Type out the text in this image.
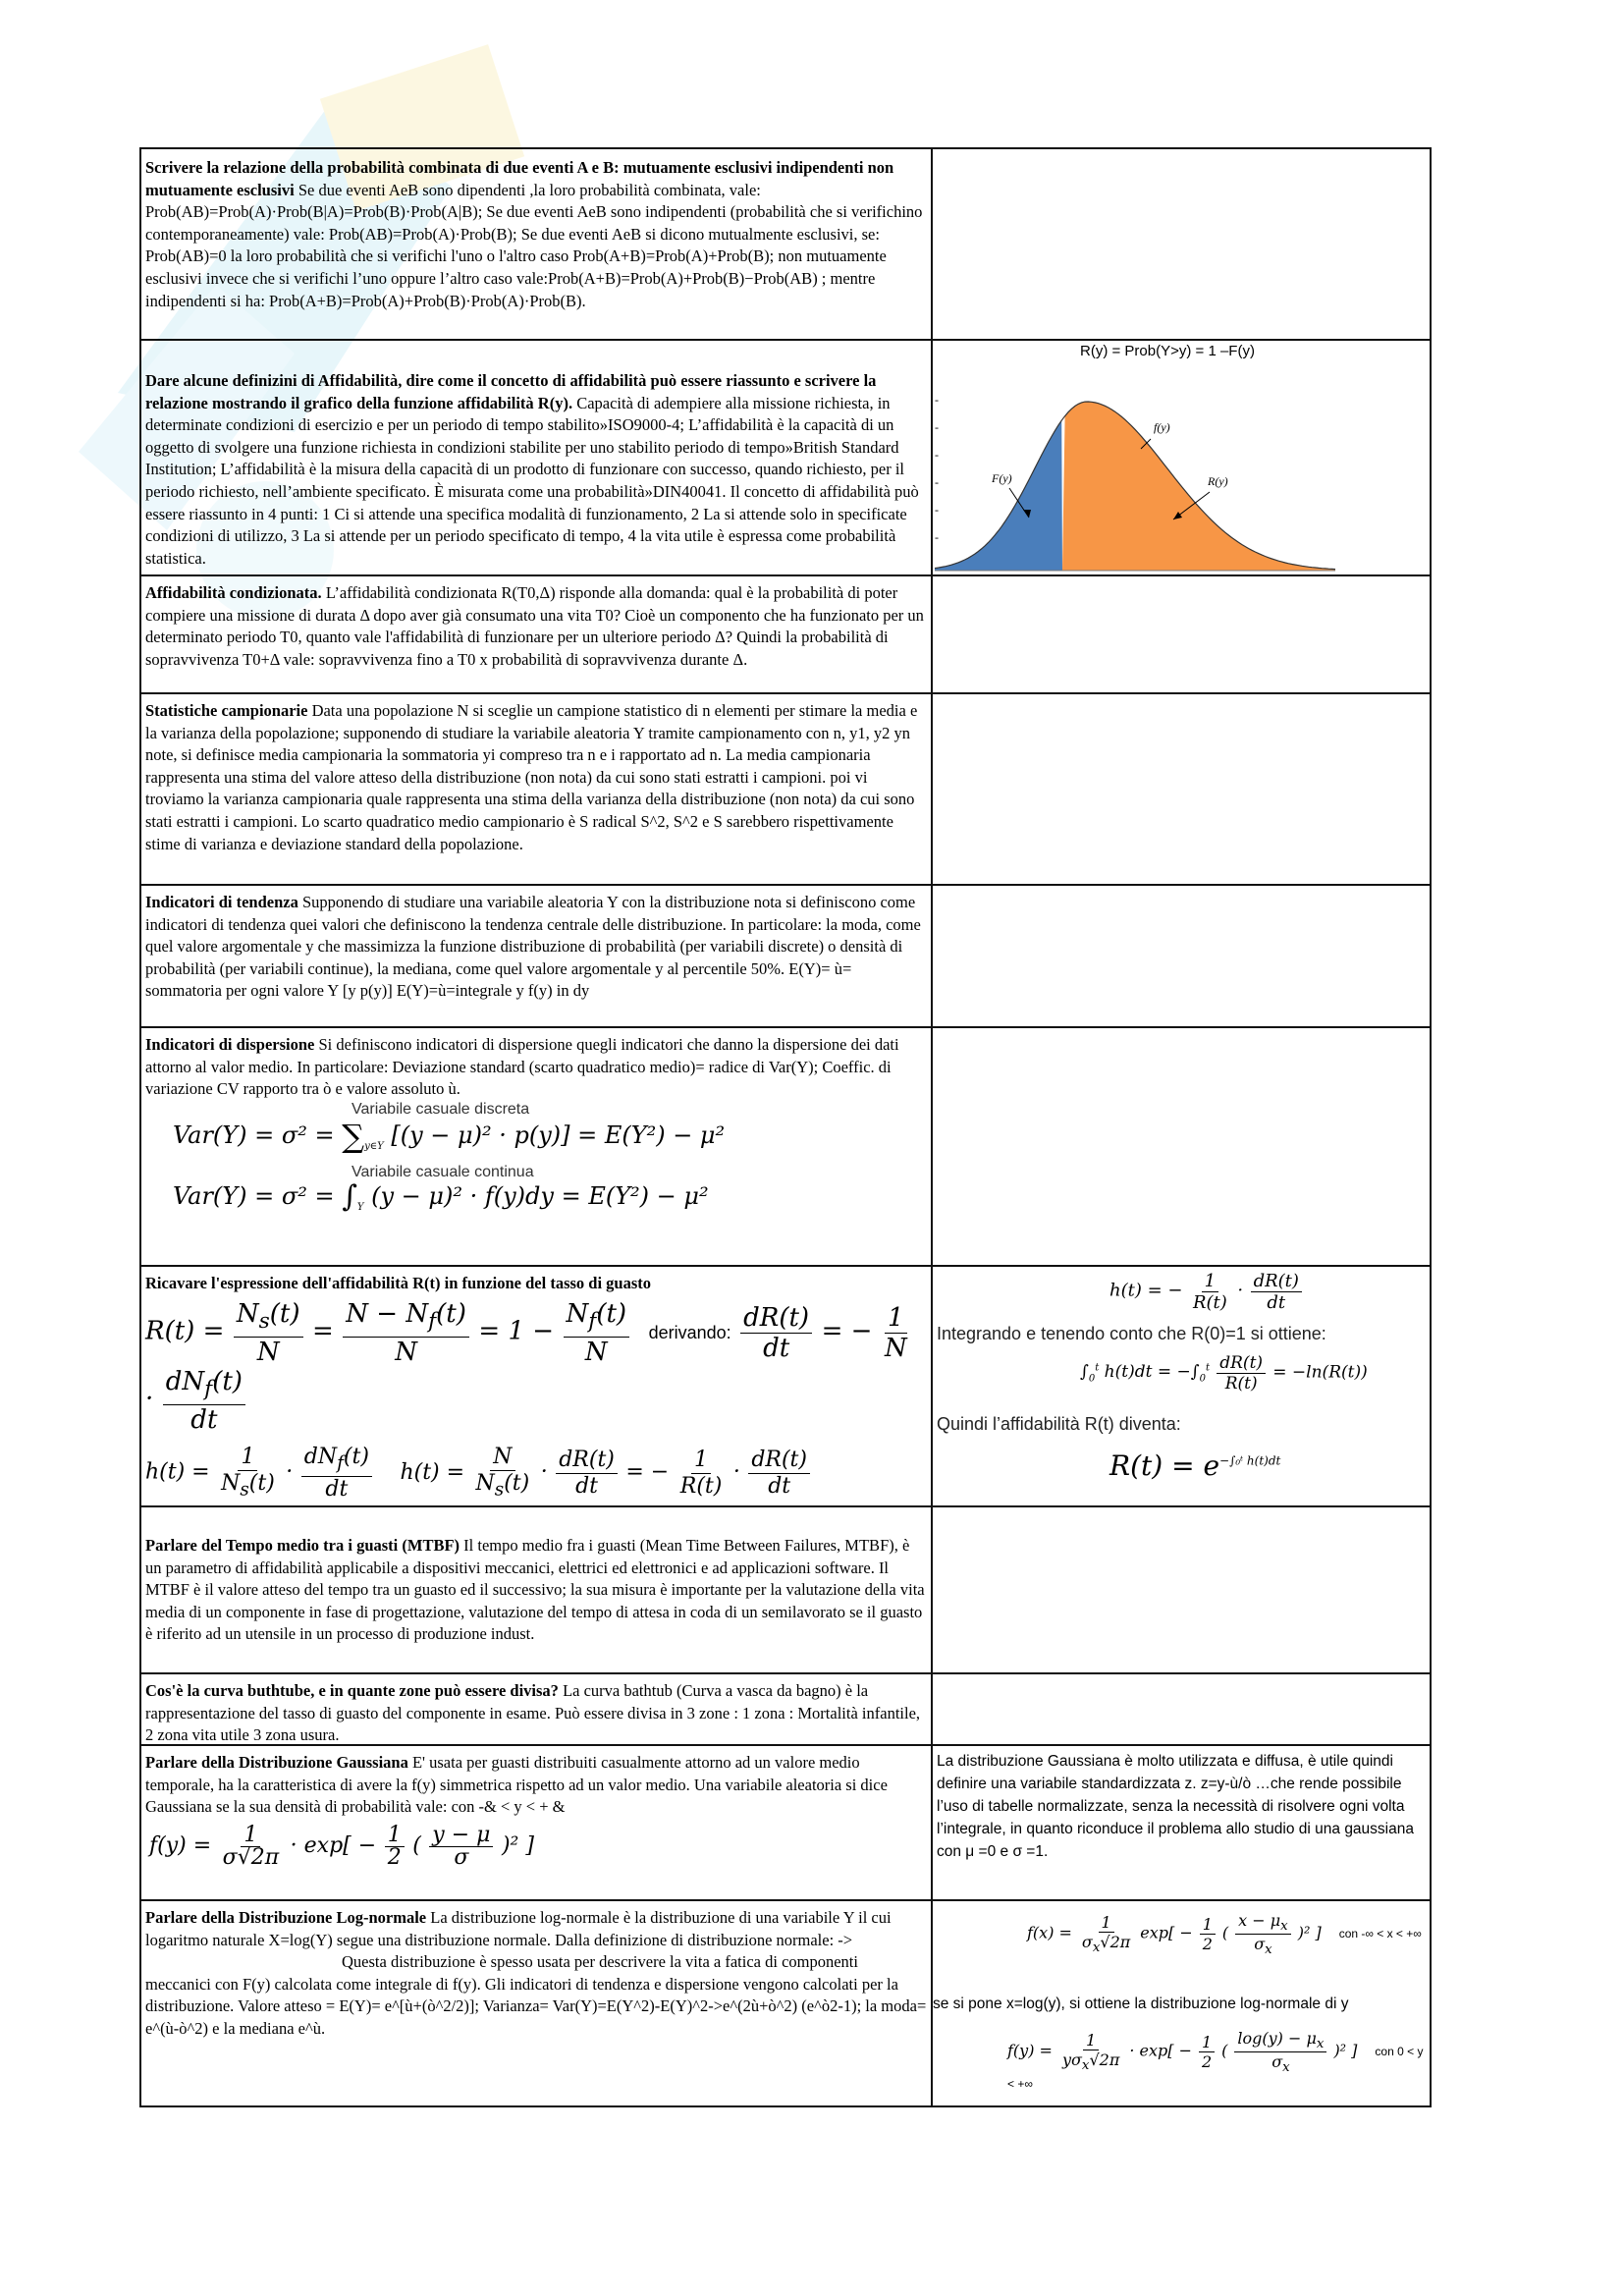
Scrivere la relazione della probabilità combinata di due eventi A e B: mutuamente esclusivi indipendenti non mutuamente esclusivi Se due eventi AeB sono dipendenti ,la loro probabilità combinata, vale: Prob(AB)=Prob(A)·Prob(B|A)=Prob(B)·Prob(A|B); Se due eventi AeB sono indipendenti (probabilità che si verifichino contemporaneamente) vale: Prob(AB)=Prob(A)·Prob(B); Se due eventi AeB si dicono mutualmente esclusivi, se: Prob(AB)=0 la loro probabilità che si verifichi l'uno o l'altro caso Prob(A+B)=Prob(A)+Prob(B); non mutuamente esclusivi invece che si verifichi l’uno oppure l’altro caso vale:Prob(A+B)=Prob(A)+Prob(B)−Prob(AB) ; mentre indipendenti si ha: Prob(A+B)=Prob(A)+Prob(B)·Prob(A)·Prob(B).
Dare alcune definizini di Affidabilità, dire come il concetto di affidabilità può essere riassunto e scrivere la relazione mostrando il grafico della funzione affidabilità R(y). Capacità di adempiere alla missione richiesta, in determinate condizioni di esercizio e per un periodo di tempo stabilito»ISO9000-4; L’affidabilità è la capacità di un oggetto di svolgere una funzione richiesta in condizioni stabilite per uno stabilito periodo di tempo»British Standard Institution; L’affidabilità è la misura della capacità di un prodotto di funzionare con successo, quando richiesto, per il periodo richiesto, nell’ambiente specificato. È misurata come una probabilità»DIN40041. Il concetto di affidabilità può essere riassunto in 4 punti: 1 Ci si attende una specifica modalità di funzionamento, 2 La si attende solo in specificate condizioni di utilizzo, 3 La si attende per un periodo specificato di tempo, 4 la vita utile è espressa come probabilità statistica.
R(y) = Prob(Y>y) = 1 –F(y)
-
-
-
-
-
-
f(y)
F(y)	R(y)
Affidabilità condizionata. L’affidabilità condizionata R(T0,Δ) risponde alla domanda: qual è la probabilità di poter compiere una missione di durata Δ dopo aver già consumato una vita T0? Cioè un componento che ha funzionato per un determinato periodo T0, quanto vale l'affidabilità di funzionare per un ulteriore periodo Δ? Quindi la probabilità di sopravvivenza T0+Δ vale: sopravvivenza fino a T0 x probabilità di sopravvivenza durante Δ.
Statistiche campionarie Data una popolazione N si sceglie un campione statistico di n elementi per stimare la media e la varianza della popolazione; supponendo di studiare la variabile aleatoria Y tramite campionamento con n, y1, y2 yn note, si definisce media campionaria la sommatoria yi compreso tra n e i rapportato ad n. La media campionaria rappresenta una stima del valore atteso della distribuzione (non nota) da cui sono stati estratti i campioni. poi vi troviamo la varianza campionaria quale rappresenta una stima della varianza della distribuzione (non nota) da cui sono stati estratti i campioni. Lo scarto quadratico medio campionario è S radical S^2, S^2 e S sarebbero rispettivamente stime di varianza e deviazione standard della popolazione.
Indicatori di tendenza Supponendo di studiare una variabile aleatoria Y con la distribuzione nota si definiscono come indicatori di tendenza quei valori che definiscono la tendenza centrale delle distribuzione. In particolare: la moda, come quel valore argomentale y che massimizza la funzione distribuzione di probabilità (per variabili discrete) o densità di probabilità (per variabili continue), la mediana, come quel valore argomentale y al percentile 50%. E(Y)= ù= sommatoria per ogni valore Y [y p(y)] E(Y)=ù=integrale y f(y) in dy
Indicatori di dispersione Si definiscono indicatori di dispersione quegli indicatori che danno la dispersione dei dati attorno al valor medio. In particolare: Deviazione standard (scarto quadratico medio)= radice di Var(Y); Coeffic. di variazione CV rapporto tra ò e valore assoluto ù.
Variabile casuale discreta
$Var(Y) = \sigma^2 = \sum_{y\in Y}$ [(y − μ)² · p(y)] = E(Y²) − μ²
Variabile casuale continua
$Var(Y) = \sigma^2 = \int_Y$ (y − μ)² · f(y)dy = E(Y²) − μ²
Ricavare l'espressione dell'affidabilità R(t) in funzione del tasso di guasto
$R(t) = \frac{N_s(t)}{N} = \frac{N - N_f(t)}{N} = 1 - \frac{N_f(t)}{N}$ derivando: $\frac{dR(t)}{dt}$ = − $\frac{1}{N}$
· $\frac{dN_f(t)}{dt}$
$h(t) = \frac{1}{N_s(t)} \cdot \frac{dN_f(t)}{dt} h(t) = \frac{N}{N_s(t)} \cdot \frac{dR(t)}{dt}$ = − $\frac{1}{R(t)} \cdot \frac{dR(t)}{dt}$
h(t) = − $\frac{1}{R(t)} \cdot \frac{dR(t)}{dt}$
Integrando e tenendo conto che R(0)=1 si ottiene:
$\int_0^t$ $h(t)dt = -\int_0^t \frac{dR(t)}{R(t)} = -\ln(R(t))$
Quindi l’affidabilità R(t) diventa:
$R(t) = e^{-\int_0ᵗ h(t)dt}$
Parlare del Tempo medio tra i guasti (MTBF) Il tempo medio fra i guasti (Mean Time Between Failures, MTBF), è un parametro di affidabilità applicabile a dispositivi meccanici, elettrici ed elettronici e ad applicazioni software. Il MTBF è il valore atteso del tempo tra un guasto ed il successivo; la sua misura è importante per la valutazione della vita media di un componente in fase di progettazione, valutazione del tempo di attesa in coda di un semilavorato se il guasto è riferito ad un utensile in un processo di produzione indust.
Cos'è la curva buthtube, e in quante zone può essere divisa? La curva bathtub (Curva a vasca da bagno) è la rappresentazione del tasso di guasto del componente in esame. Può essere divisa in 3 zone : 1 zona : Mortalità infantile, 2 zona vita utile 3 zona usura.
Parlare della Distribuzione Gaussiana E' usata per guasti distribuiti casualmente attorno ad un valore medio temporale, ha la caratteristica di avere la f(y) simmetrica rispetto ad un valor medio. Una variabile aleatoria si dice Gaussiana se la sua densità di probabilità vale: con -& < y < + &
$f(y) = \frac{1}{\sigma√2\pi} \cdot \exp[ - \frac{1}{2}$ ( $\frac{y - \mu}{\sigma} )^2$ ]
La distribuzione Gaussiana è molto utilizzata e diffusa, è utile quindi definire una variabile standardizzata z. z=y-ù/ò …che rende possibile l’uso di tabelle normalizzate, senza la necessità di risolvere ogni volta l’integrale, in quanto riconduce il problema allo studio di una gaussiana con μ =0 e σ =1.
Parlare della Distribuzione Log-normale La distribuzione log-normale è la distribuzione di una variabile Y il cui logaritmo naturale X=log(Y) segue una distribuzione normale. Dalla definizione di distribuzione normale: -> Questa distribuzione è spesso usata per descrivere la vita a fatica di componenti meccanici con F(y) calcolata come integrale di f(y). Gli indicatori di tendenza e dispersione vengono calcolati per la distribuzione. Valore atteso = E(Y)= e^[ù+(ò^2/2)]; Varianza= Var(Y)=E(Y^2)-E(Y)^2->e^(2ù+ò^2) (e^ò2-1); la moda= e^(ù-ò^2) e la mediana e^ù.
$f(x) = \frac{1}{\sigma_x√2\pi} \exp[ - \frac{1}{2}$ ( $\frac{x - \mu_x}{\sigma_x} )^2$ ] con -∞ < x < +∞
se si pone x=log(y), si ottiene la distribuzione log-normale di y
$f(y) = \frac{1}{y\sigma_x√2\pi} \cdot \exp[ - \frac{1}{2}$ ( $\frac{\log(y) - \mu_x}{\sigma_x} )^2$ ] con 0 < y < +∞
